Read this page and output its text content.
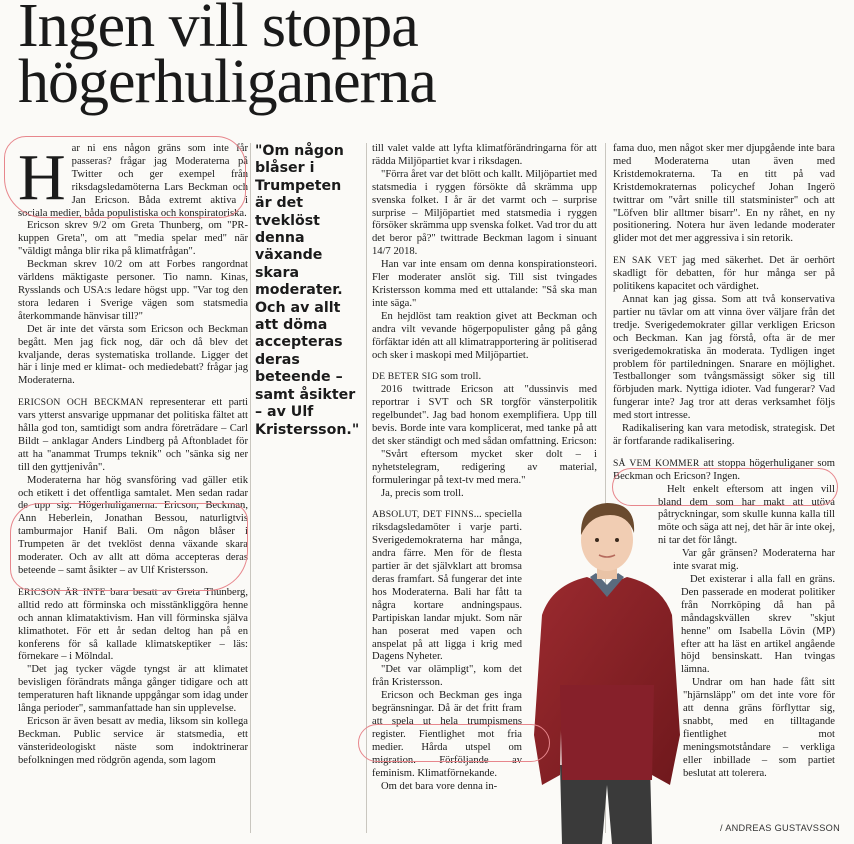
Ingen vill stoppa
högerhuliganerna

Har ni ens någon gräns som inte får passeras? frågar jag Moderaterna på Twitter och ger exempel från riksdagsledamöterna Lars Beckman och Jan Ericson. Båda extremt aktiva i sociala medier, båda populistiska och konspiratoriska.

Ericson skrev 9/2 om Greta Thunberg, om "PR-kuppen Greta", om att "media spelar med" när "väldigt många blir rika på klimatfrågan".

Beckman skrev 10/2 om att Forbes rangordnat världens mäktigaste personer. Tio namn. Kinas, Rysslands och USA:s ledare högst upp. "Var tog den stora ledaren i Sverige vägen som statsmedia återkommande hänvisar till?"

Det är inte det värsta som Ericson och Beckman begått. Men jag fick nog, där och då blev det kvaljande, deras systematiska trollande. Ligger det här i linje med er klimat- och mediedebatt? frågar jag Moderaterna.

ERICSON OCH BECKMAN representerar ett parti vars ytterst ansvarige uppmanar det politiska fältet att hålla god ton, samtidigt som andra företrädare – Carl Bildt – anklagar Anders Lindberg på Aftonbladet för att ha "anammat Trumps teknik" och "sänka sig ner till den gyttjenivån".

Moderaterna har hög svansföring vad gäller etik och etikett i det offentliga samtalet. Men sedan radar de upp sig. Högerhuliganerna. Ericson, Beckman, Ann Heberlein, Jonathan Bessou, naturligtvis tamburmajor Hanif Bali. Om någon blåser i Trumpeten är det tveklöst denna växande skara moderater. Och av allt att döma accepteras deras beteende – samt åsikter – av Ulf Kristersson.

ERICSON ÄR INTE bara besatt av Greta Thunberg, alltid redo att förminska och misstänkliggöra henne och annan klimataktivism. Han vill förminska själva klimathotet. För ett år sedan deltog han på en konferens för så kallade klimatskeptiker – läs: förnekare – i Mölndal.

"Det jag tycker vägde tyngst är att klimatet bevisligen förändrats många gånger tidigare och att temperaturen haft liknande uppgångar som idag under långa perioder", sammanfattade han sin upplevelse.

Ericson är även besatt av media, liksom sin kollega Beckman. Public service är statsmedia, ett vänsterideologiskt näste som indoktrinerar befolkningen med rödgrön agenda, som lagom

"Om någon blåser i Trumpeten är det tveklöst denna växande skara moderater. Och av allt att döma accepteras deras beteende – samt åsikter – av Ulf Kristersson."

till valet valde att lyfta klimatförändringarna för att rädda Miljöpartiet kvar i riksdagen.

"Förra året var det blött och kallt. Miljöpartiet med statsmedia i ryggen försökte då skrämma upp svenska folket. I år är det varmt och – surprise surprise – Miljöpartiet med statsmedia i ryggen försöker skrämma upp svenska folket. Vad tror du att det beror på?" twittrade Beckman lagom i sinuant 14/7 2018.

Han var inte ensam om denna konspirationsteori. Fler moderater anslöt sig. Till sist tvingades Kristersson komma med ett uttalande: "Så ska man inte säga."

En hejdlöst tam reaktion givet att Beckman och andra vilt vevande högerpopulister gång på gång förfäktar idén att all klimatrapportering är politiserad och sker i maskopi med Miljöpartiet.

DE BETER SIG som troll.

2016 twittrade Ericson att "dussinvis med reportrar i SVT och SR torgför vänsterpolitik regelbundet". Jag bad honom exemplifiera. Upp till bevis. Borde inte vara komplicerat, med tanke på att det sker ständigt och med sådan omfattning. Ericson:

"Svårt eftersom mycket sker dolt – i nyhetstelegram, redigering av material, formuleringar på text-tv med mera."

Ja, precis som troll.

ABSOLUT, DET FINNS... speciella riksdagsledamöter i varje parti. Sverigedemokraterna har många, andra färre. Men för de flesta partier är det självklart att bromsa deras framfart. Så fungerar det inte hos Moderaterna. Bali har fått ta några kortare andningspaus. Partipiskan landar mjukt. Som när han poserat med vapen och anspelat på att ligga i krig med Dagens Nyheter.

"Det var olämpligt", kom det från Kristersson.

Ericson och Beckman ges inga begränsningar. Då är det fritt fram att spela ut hela trumpismens register. Fientlighet mot fria medier. Hårda utspel om migration. Förföljande av feminism. Klimatförnekande.

Om det bara vore denna in-

fama duo, men något sker mer djupgående inte bara med Moderaterna utan även med Kristdemokraterna. Ta en titt på vad Kristdemokraternas policychef Johan Ingerö twittrar om "vårt snille till statsminister" och att "Löfven blir alltmer bisarr". En ny råhet, en ny positionering. Notera hur även ledande moderater glider mot det mer aggressiva i sin retorik.

EN SAK VET jag med säkerhet. Det är oerhört skadligt för debatten, för hur många ser på politikens kapacitet och värdighet.

Annat kan jag gissa. Som att två konservativa partier nu tävlar om att vinna över väljare från det tredje. Sverigedemokrater gillar verkligen Ericson och Beckman. Kan jag förstå, ofta är de mer sverigedemokratiska än moderata. Tydligen inget problem för partiledningen. Snarare en möjlighet. Testballonger som tvångsmässigt söker sig till förbjuden mark. Nyttiga idioter. Vad fungerar? Vad fungerar inte? Jag tror att deras verksamhet följs med stort intresse.

Radikalisering kan vara metodisk, strategisk. Det är fortfarande radikalisering.

SÅ VEM KOMMER att stoppa högerhuliganer som Beckman och Ericson? Ingen.

Helt enkelt eftersom att ingen vill bland dem som har makt att utöva påtryckningar, som skulle kunna kalla till möte och säga att nej, det här är inte okej, ni tar det för långt.

Var går gränsen? Moderaterna har inte svarat mig.

Det existerar i alla fall en gräns. Den passerade en moderat politiker från Norrköping då han på måndagskvällen skrev "skjut henne" om Isabella Lövin (MP) efter att ha läst en artikel angående höjd bensinskatt. Han tvingas lämna.

Undrar om han hade fått sitt "hjärnsläpp" om det inte vore för att denna gräns förflyttar sig, snabbt, med en tilltagande fientlighet mot meningsmotståndare – verkliga eller inbillade – som partiet beslutat att tolerera.

/ ANDREAS GUSTAVSSON
